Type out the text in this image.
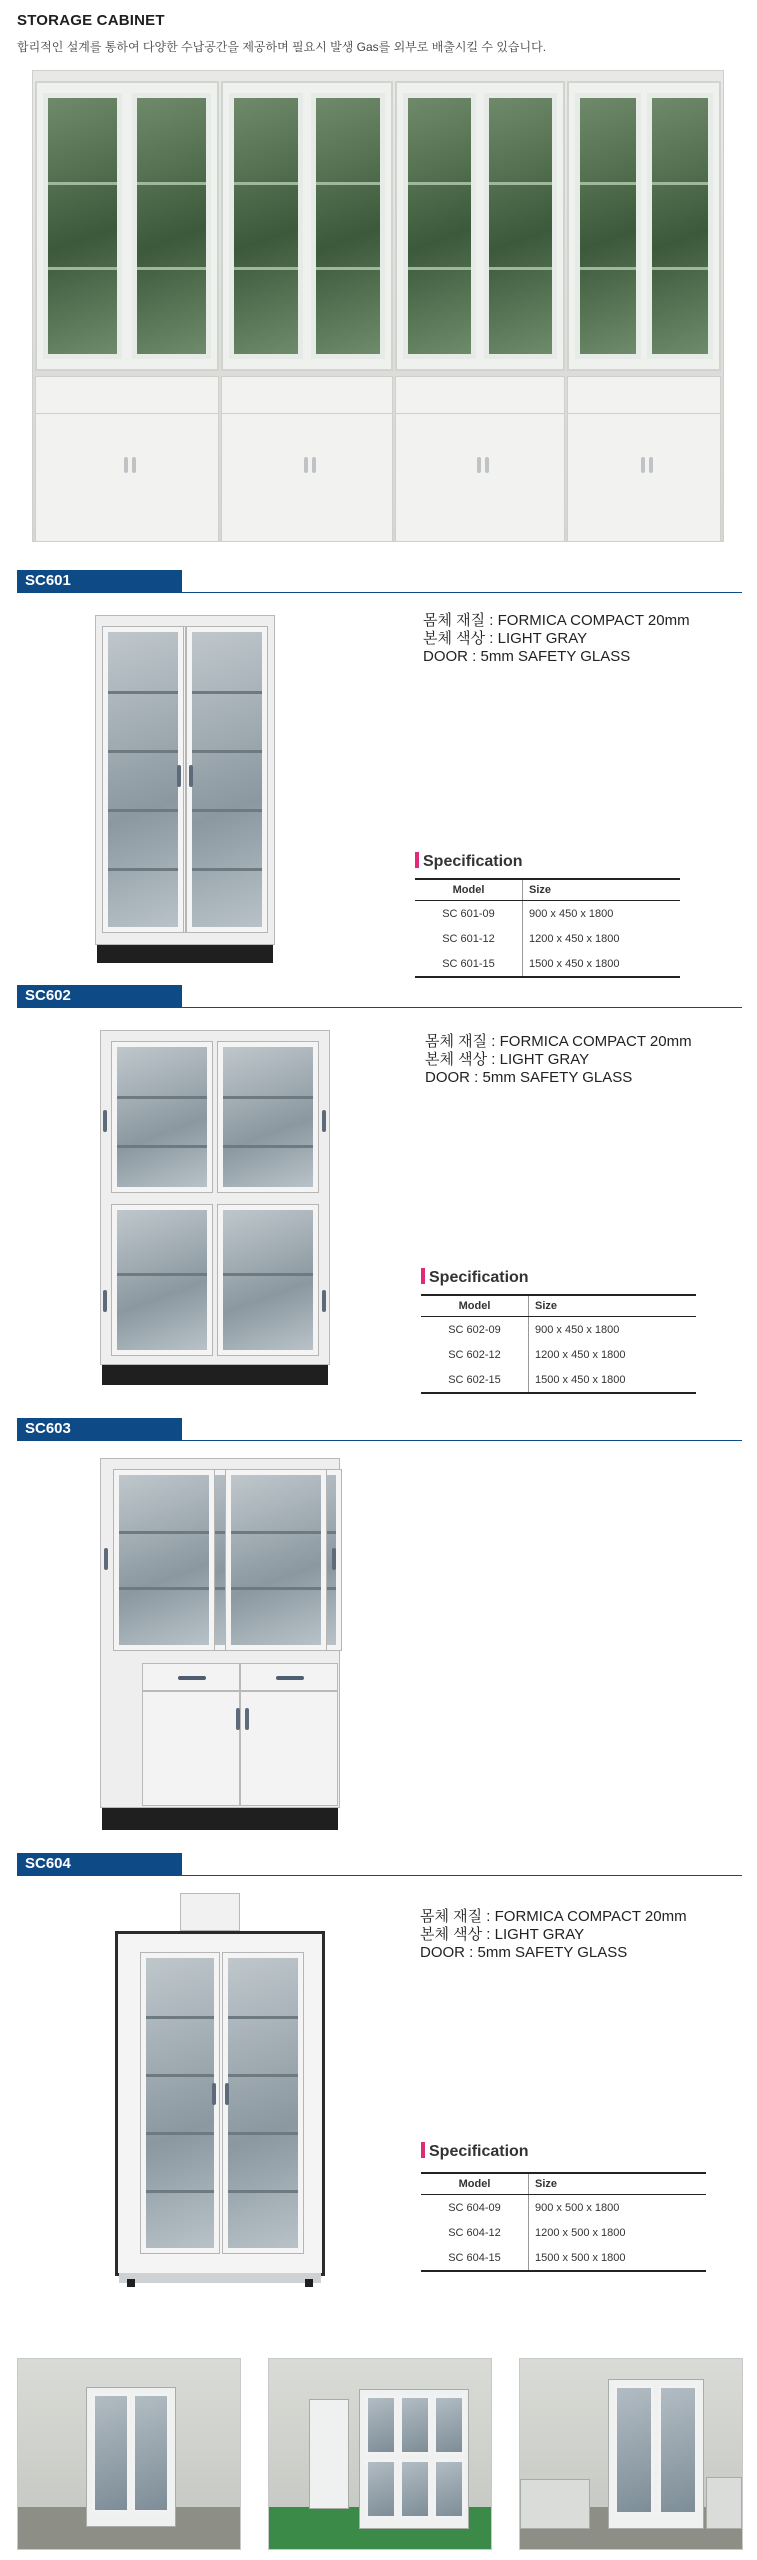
STORAGE CABINET
합리적인 설계를 통하여 다양한 수납공간을 제공하며 필요시 발생 Gas를 외부로 배출시킬 수 있습니다.
SC601
몸체 재질 : FORMICA COMPACT 20mm
본체 색상 : LIGHT GRAY
DOOR : 5mm SAFETY GLASS
Specification
Model	Size
SC 601-09	900 x 450 x 1800
SC 601-12	1200 x 450 x 1800
SC 601-15	1500 x 450 x 1800
SC602
몸체 재질 : FORMICA COMPACT 20mm
본체 색상 : LIGHT GRAY
DOOR : 5mm SAFETY GLASS
Specification
Model	Size
SC 602-09	900 x 450 x 1800
SC 602-12	1200 x 450 x 1800
SC 602-15	1500 x 450 x 1800
SC603
SC604
몸체 재질 : FORMICA COMPACT 20mm
본체 색상 : LIGHT GRAY
DOOR : 5mm SAFETY GLASS
Specification
Model	Size
SC 604-09	900 x 500 x 1800
SC 604-12	1200 x 500 x 1800
SC 604-15	1500 x 500 x 1800
